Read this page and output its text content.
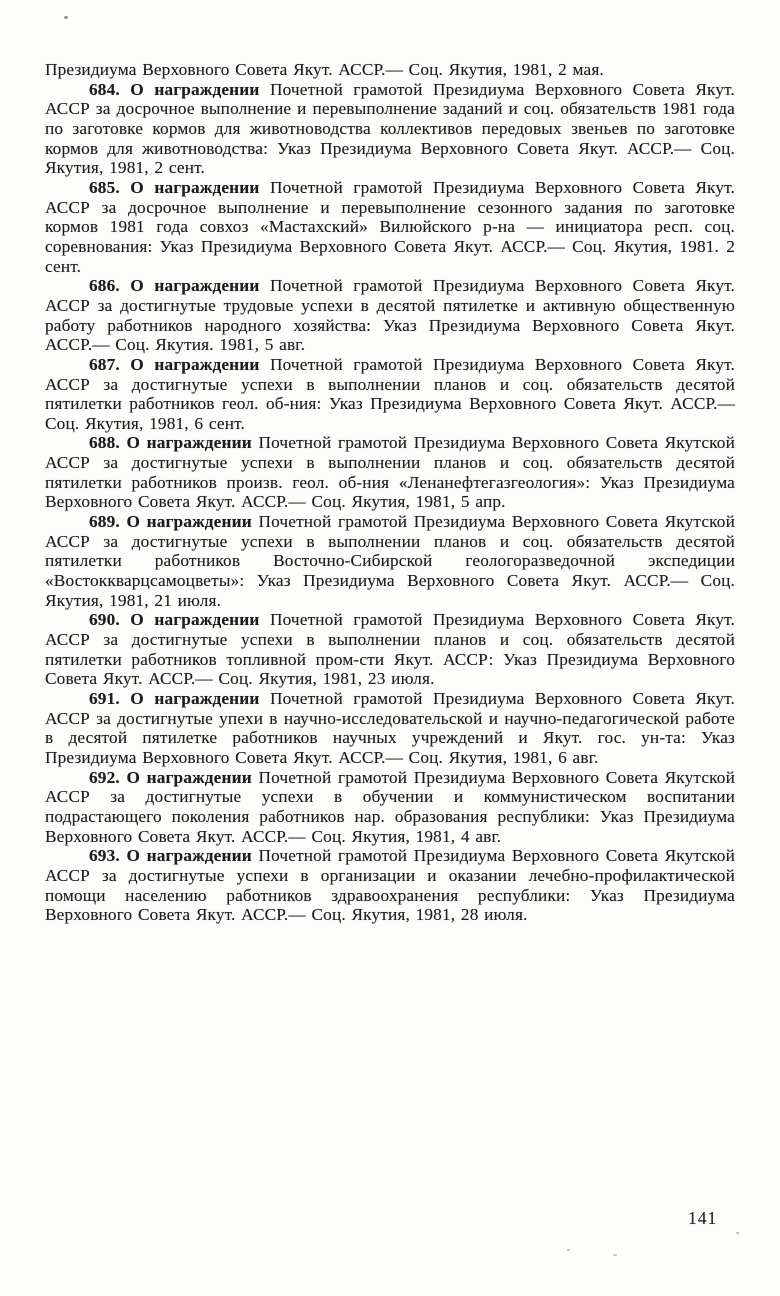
Президиума Верховного Совета Якут. АССР.— Соц. Якутия, 1981, 2 мая.

684. О награждении Почетной грамотой Президиума Верховного Совета Якут. АССР за досрочное выполнение и перевыполнение заданий и соц. обязательств 1981 года по заготовке кормов для животноводства коллективов передовых звеньев по заготовке кормов для животноводства: Указ Президиума Верховного Совета Якут. АССР.— Соц. Якутия, 1981, 2 сент.

685. О награждении Почетной грамотой Президиума Верховного Совета Якут. АССР за досрочное выполнение и перевыполнение сезонного задания по заготовке кормов 1981 года совхоз «Мастахский» Вилюйского р-на — инициатора респ. соц. соревнования: Указ Президиума Верховного Совета Якут. АССР.— Соц. Якутия, 1981. 2 сент.

686. О награждении Почетной грамотой Президиума Верховного Совета Якут. АССР за достигнутые трудовые успехи в десятой пятилетке и активную общественную работу работников народного хозяйства: Указ Президиума Верховного Совета Якут. АССР.— Соц. Якутия. 1981, 5 авг.

687. О награждении Почетной грамотой Президиума Верховного Совета Якут. АССР за достигнутые успехи в выполнении планов и соц. обязательств десятой пятилетки работников геол. об-ния: Указ Президиума Верховного Совета Якут. АССР.— Соц. Якутия, 1981, 6 сент.

688. О награждении Почетной грамотой Президиума Верховного Совета Якутской АССР за достигнутые успехи в выполнении планов и соц. обязательств десятой пятилетки работников произв. геол. об-ния «Ленанефтегазгеология»: Указ Президиума Верховного Совета Якут. АССР.— Соц. Якутия, 1981, 5 апр.

689. О награждении Почетной грамотой Президиума Верховного Совета Якутской АССР за достигнутые успехи в выполнении планов и соц. обязательств десятой пятилетки работников Восточно-Сибирской геологоразведочной экспедиции «Востоккварцсамоцветы»: Указ Президиума Верховного Совета Якут. АССР.— Соц. Якутия, 1981, 21 июля.

690. О награждении Почетной грамотой Президиума Верховного Совета Якут. АССР за достигнутые успехи в выполнении планов и соц. обязательств десятой пятилетки работников топливной пром-сти Якут. АССР: Указ Президиума Верховного Совета Якут. АССР.— Соц. Якутия, 1981, 23 июля.

691. О награждении Почетной грамотой Президиума Верховного Совета Якут. АССР за достигнутые упехи в научно-исследовательской и научно-педагогической работе в десятой пятилетке работников научных учреждений и Якут. гос. ун-та: Указ Президиума Верховного Совета Якут. АССР.— Соц. Якутия, 1981, 6 авг.

692. О награждении Почетной грамотой Президиума Верховного Совета Якутской АССР за достигнутые успехи в обучении и коммунистическом воспитании подрастающего поколения работников нар. образования республики: Указ Президиума Верховного Совета Якут. АССР.— Соц. Якутия, 1981, 4 авг.

693. О награждении Почетной грамотой Президиума Верховного Совета Якутской АССР за достигнутые успехи в организации и оказании лечебно-профилактической помощи населению работников здравоохранения республики: Указ Президиума Верховного Совета Якут. АССР.— Соц. Якутия, 1981, 28 июля.

141
